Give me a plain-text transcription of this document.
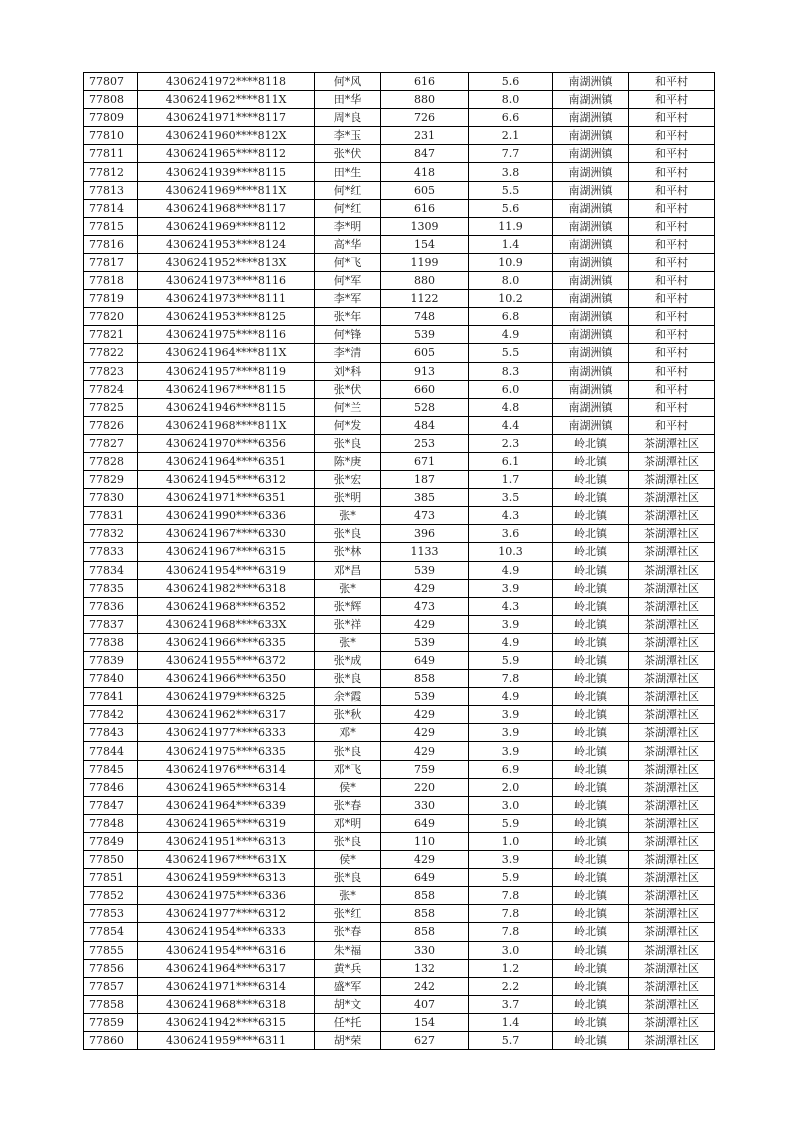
77807	4306241972****8118	何*风	616	5.6	南湖洲镇	和平村
77808	4306241962****811X	田*华	880	8.0	南湖洲镇	和平村
77809	4306241971****8117	周*良	726	6.6	南湖洲镇	和平村
77810	4306241960****812X	李*玉	231	2.1	南湖洲镇	和平村
77811	4306241965****8112	张*伏	847	7.7	南湖洲镇	和平村
77812	4306241939****8115	田*生	418	3.8	南湖洲镇	和平村
77813	4306241969****811X	何*红	605	5.5	南湖洲镇	和平村
77814	4306241968****8117	何*红	616	5.6	南湖洲镇	和平村
77815	4306241969****8112	李*明	1309	11.9	南湖洲镇	和平村
77816	4306241953****8124	高*华	154	1.4	南湖洲镇	和平村
77817	4306241952****813X	何*飞	1199	10.9	南湖洲镇	和平村
77818	4306241973****8116	何*军	880	8.0	南湖洲镇	和平村
77819	4306241973****8111	李*军	1122	10.2	南湖洲镇	和平村
77820	4306241953****8125	张*年	748	6.8	南湖洲镇	和平村
77821	4306241975****8116	何*锋	539	4.9	南湖洲镇	和平村
77822	4306241964****811X	李*清	605	5.5	南湖洲镇	和平村
77823	4306241957****8119	刘*科	913	8.3	南湖洲镇	和平村
77824	4306241967****8115	张*伏	660	6.0	南湖洲镇	和平村
77825	4306241946****8115	何*兰	528	4.8	南湖洲镇	和平村
77826	4306241968****811X	何*发	484	4.4	南湖洲镇	和平村
77827	4306241970****6356	张*良	253	2.3	岭北镇	茶湖潭社区
77828	4306241964****6351	陈*庚	671	6.1	岭北镇	茶湖潭社区
77829	4306241945****6312	张*宏	187	1.7	岭北镇	茶湖潭社区
77830	4306241971****6351	张*明	385	3.5	岭北镇	茶湖潭社区
77831	4306241990****6336	张*	473	4.3	岭北镇	茶湖潭社区
77832	4306241967****6330	张*良	396	3.6	岭北镇	茶湖潭社区
77833	4306241967****6315	张*林	1133	10.3	岭北镇	茶湖潭社区
77834	4306241954****6319	邓*昌	539	4.9	岭北镇	茶湖潭社区
77835	4306241982****6318	张*	429	3.9	岭北镇	茶湖潭社区
77836	4306241968****6352	张*辉	473	4.3	岭北镇	茶湖潭社区
77837	4306241968****633X	张*祥	429	3.9	岭北镇	茶湖潭社区
77838	4306241966****6335	张*	539	4.9	岭北镇	茶湖潭社区
77839	4306241955****6372	张*成	649	5.9	岭北镇	茶湖潭社区
77840	4306241966****6350	张*良	858	7.8	岭北镇	茶湖潭社区
77841	4306241979****6325	余*霞	539	4.9	岭北镇	茶湖潭社区
77842	4306241962****6317	张*秋	429	3.9	岭北镇	茶湖潭社区
77843	4306241977****6333	邓*	429	3.9	岭北镇	茶湖潭社区
77844	4306241975****6335	张*良	429	3.9	岭北镇	茶湖潭社区
77845	4306241976****6314	邓*飞	759	6.9	岭北镇	茶湖潭社区
77846	4306241965****6314	侯*	220	2.0	岭北镇	茶湖潭社区
77847	4306241964****6339	张*春	330	3.0	岭北镇	茶湖潭社区
77848	4306241965****6319	邓*明	649	5.9	岭北镇	茶湖潭社区
77849	4306241951****6313	张*良	110	1.0	岭北镇	茶湖潭社区
77850	4306241967****631X	侯*	429	3.9	岭北镇	茶湖潭社区
77851	4306241959****6313	张*良	649	5.9	岭北镇	茶湖潭社区
77852	4306241975****6336	张*	858	7.8	岭北镇	茶湖潭社区
77853	4306241977****6312	张*红	858	7.8	岭北镇	茶湖潭社区
77854	4306241954****6333	张*春	858	7.8	岭北镇	茶湖潭社区
77855	4306241954****6316	朱*福	330	3.0	岭北镇	茶湖潭社区
77856	4306241964****6317	黄*兵	132	1.2	岭北镇	茶湖潭社区
77857	4306241971****6314	盛*军	242	2.2	岭北镇	茶湖潭社区
77858	4306241968****6318	胡*文	407	3.7	岭北镇	茶湖潭社区
77859	4306241942****6315	任*托	154	1.4	岭北镇	茶湖潭社区
77860	4306241959****6311	胡*荣	627	5.7	岭北镇	茶湖潭社区
